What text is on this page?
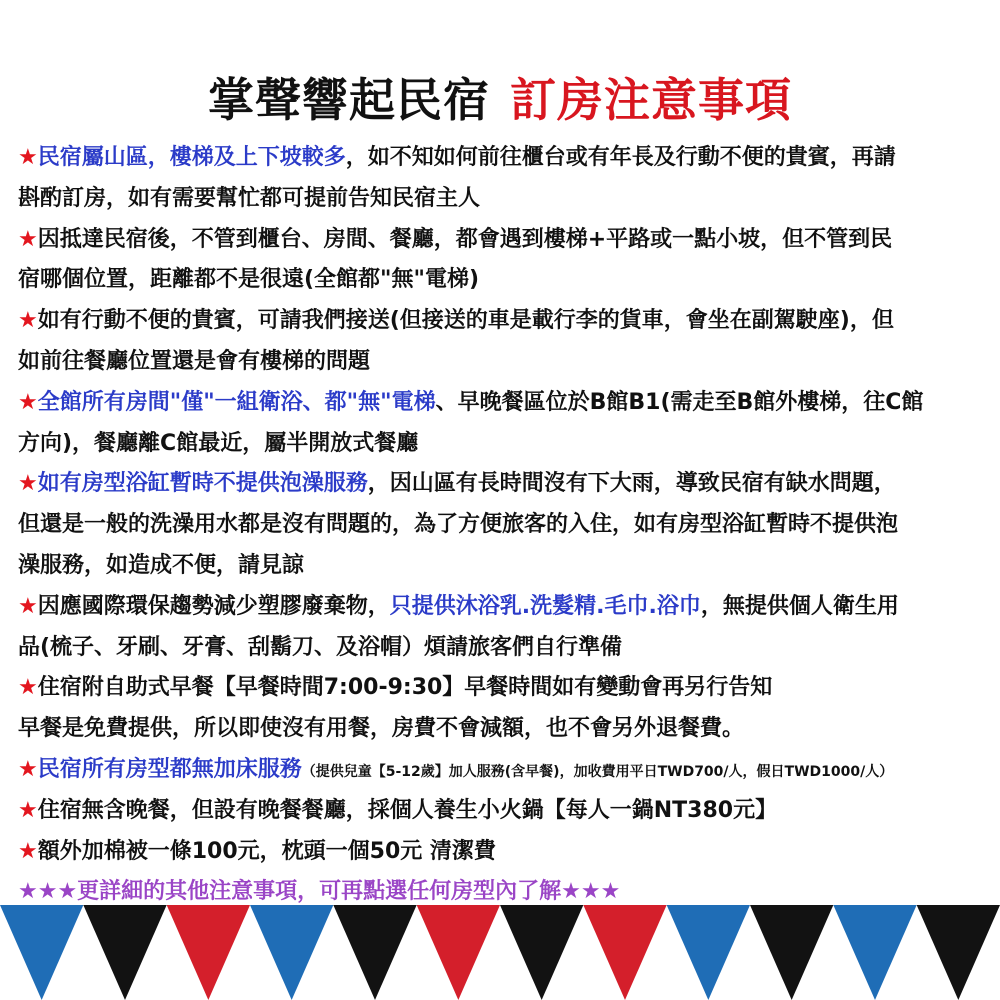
掌聲響起民宿 訂房注意事項
★民宿屬山區，樓梯及上下坡較多，如不知如何前往櫃台或有年長及行動不便的貴賓，再請
斟酌訂房，如有需要幫忙都可提前告知民宿主人
★因抵達民宿後，不管到櫃台、房間、餐廳，都會遇到樓梯+平路或一點小坡，但不管到民
宿哪個位置，距離都不是很遠(全館都"無"電梯)
★如有行動不便的貴賓，可請我們接送(但接送的車是載行李的貨車，會坐在副駕駛座)，但
如前往餐廳位置還是會有樓梯的問題
★全館所有房間"僅"一組衛浴、都"無"電梯、早晚餐區位於B館B1(需走至B館外樓梯，往C館
方向)，餐廳離C館最近，屬半開放式餐廳
★如有房型浴缸暫時不提供泡澡服務，因山區有長時間沒有下大雨，導致民宿有缺水問題，
但還是一般的洗澡用水都是沒有問題的，為了方便旅客的入住，如有房型浴缸暫時不提供泡
澡服務，如造成不便，請見諒
★因應國際環保趨勢減少塑膠廢棄物，只提供沐浴乳.洗髮精.毛巾.浴巾，無提供個人衛生用
品(梳子、牙刷、牙膏、刮鬍刀、及浴帽）煩請旅客們自行準備
★住宿附自助式早餐【早餐時間7:00-9:30】早餐時間如有變動會再另行告知
早餐是免費提供，所以即使沒有用餐，房費不會減額，也不會另外退餐費。
★民宿所有房型都無加床服務（提供兒童【5-12歲】加人服務(含早餐)，加收費用平日TWD700/人，假日TWD1000/人）
★住宿無含晚餐，但設有晚餐餐廳，採個人養生小火鍋【每人一鍋NT380元】
★額外加棉被一條100元，枕頭一個50元 清潔費
★★★更詳細的其他注意事項，可再點選任何房型內了解★★★
